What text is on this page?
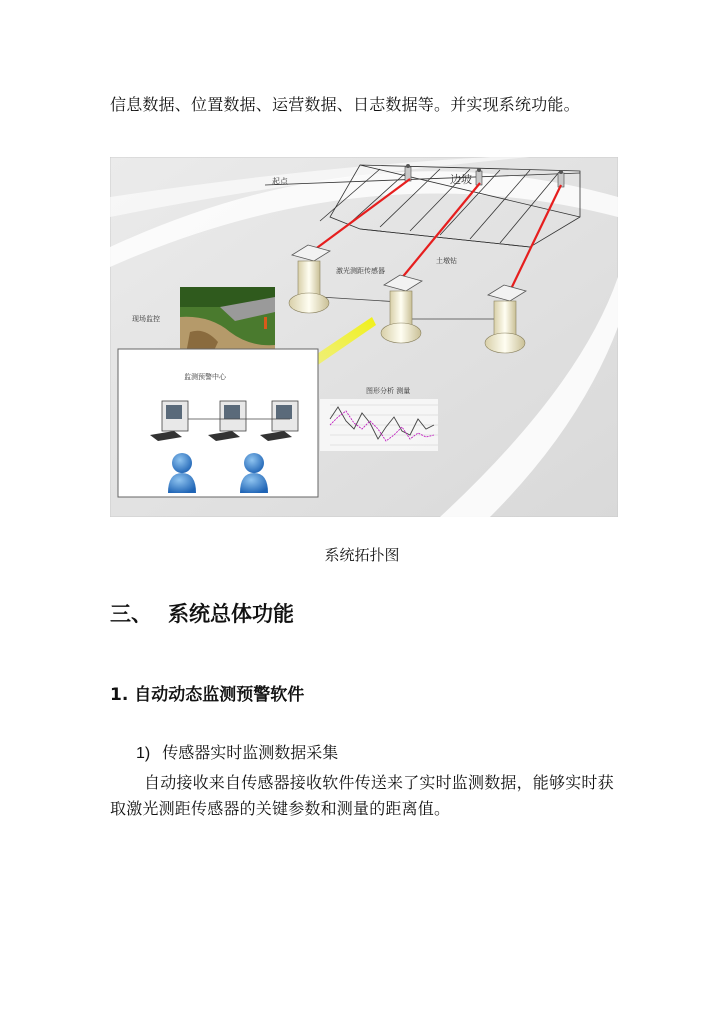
信息数据、位置数据、运营数据、日志数据等。并实现系统功能。
起点	边坡
激光测距传感器
土墩钻
现场监控
监测预警中心
图形分析 测量
系统拓扑图
三、 系统总体功能
1. 自动动态监测预警软件
1) 传感器实时监测数据采集
自动接收来自传感器接收软件传送来了实时监测数据，能够实时获取激光测距传感器的关键参数和测量的距离值。
